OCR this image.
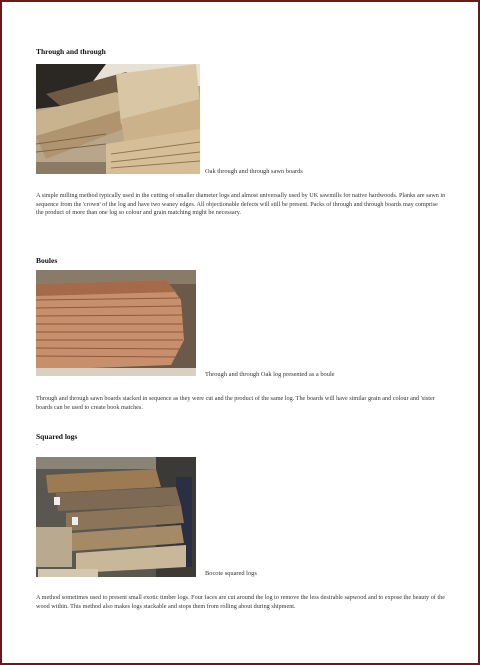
Through and through
Oak through and through sawn boards
A simple milling method typically used in the cutting of smaller diameter logs and almost universally used by UK sawmills for native hardwoods. Planks are sawn in sequence from the 'crown' of the log and have two waney edges. All objectionable defects will still be present. Packs of through and through boards may comprise the product of more than one log so colour and grain matching might be necessary.
Boules
Through and through Oak log presented as a boule
Through and through sawn boards stacked in sequence as they were cut and the product of the same log. The boards will have similar grain and colour and 'sister boards can be used to create book matches.
Squared logs
-
Bocote squared logs
A method sometimes used to present small exotic timber logs. Four faces are cut around the log to remove the less desirable sapwood and to expose the beauty of the wood within. This method also makes logs stackable and stops them from rolling about during shipment.
